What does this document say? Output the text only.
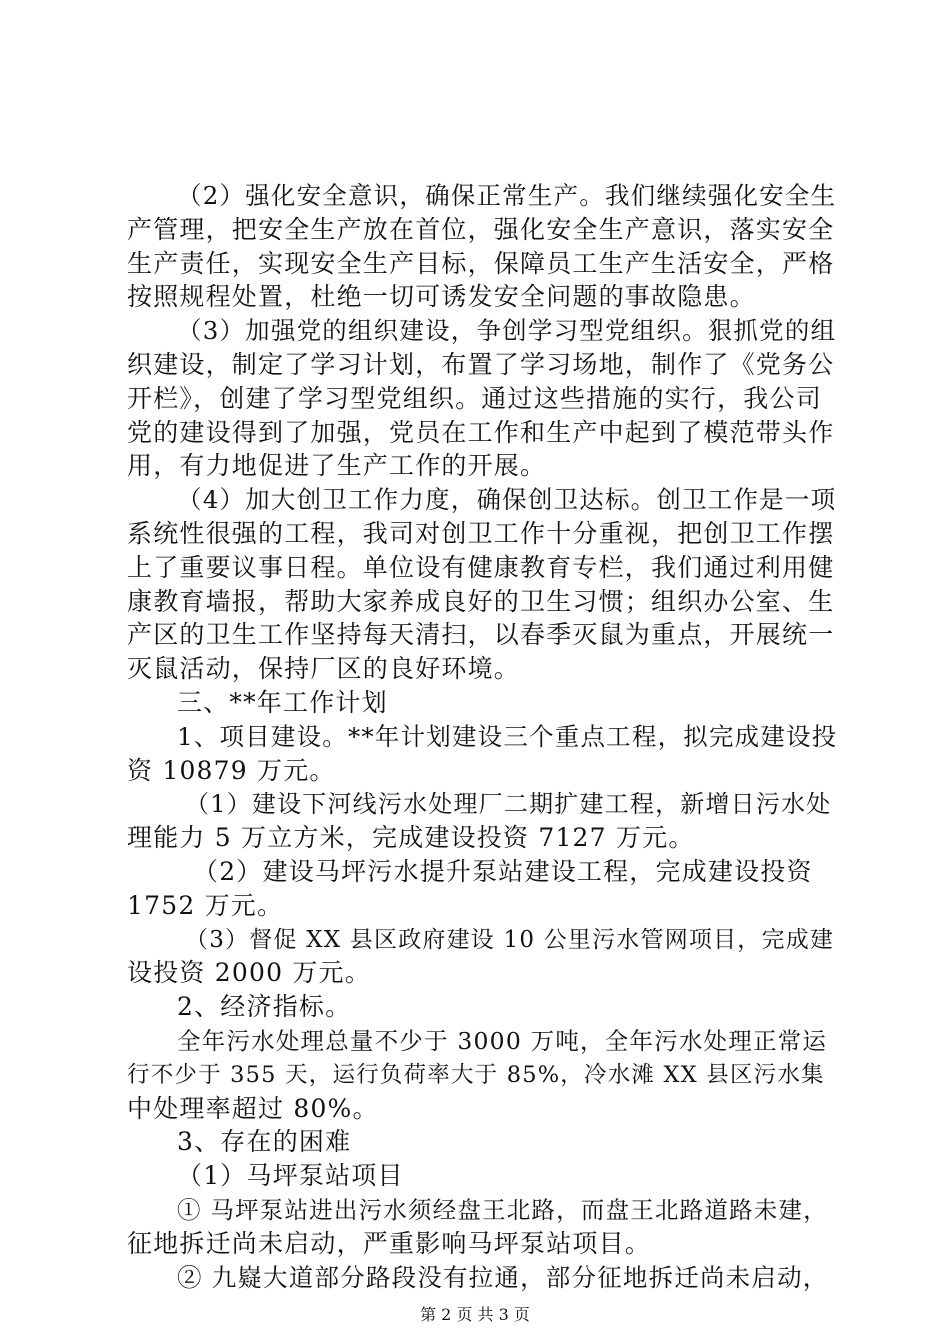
（2）强化安全意识，确保正常生产。我们继续强化安全生
产管理，把安全生产放在首位，强化安全生产意识，落实安全
生产责任，实现安全生产目标，保障员工生产生活安全，严格
按照规程处置，杜绝一切可诱发安全问题的事故隐患。
（3）加强党的组织建设，争创学习型党组织。狠抓党的组
织建设，制定了学习计划，布置了学习场地，制作了《党务公
开栏》，创建了学习型党组织。通过这些措施的实行，我公司
党的建设得到了加强，党员在工作和生产中起到了模范带头作
用，有力地促进了生产工作的开展。
（4）加大创卫工作力度，确保创卫达标。创卫工作是一项
系统性很强的工程，我司对创卫工作十分重视，把创卫工作摆
上了重要议事日程。单位设有健康教育专栏，我们通过利用健
康教育墙报，帮助大家养成良好的卫生习惯；组织办公室、生
产区的卫生工作坚持每天清扫，以春季灭鼠为重点，开展统一
灭鼠活动，保持厂区的良好环境。
三、**年工作计划
1、项目建设。**年计划建设三个重点工程，拟完成建设投
资 10879 万元。
（1）建设下河线污水处理厂二期扩建工程，新增日污水处
理能力 5 万立方米，完成建设投资 7127 万元。
（2）建设马坪污水提升泵站建设工程，完成建设投资
1752 万元。
（3）督促 XX 县区政府建设 10 公里污水管网项目，完成建
设投资 2000 万元。
2、经济指标。
全年污水处理总量不少于 3000 万吨，全年污水处理正常运
行不少于 355 天，运行负荷率大于 85%，冷水滩 XX 县区污水集
中处理率超过 80%。
3、存在的困难
（1）马坪泵站项目
① 马坪泵站进出污水须经盘王北路，而盘王北路道路未建，
征地拆迁尚未启动，严重影响马坪泵站项目。
② 九嶷大道部分路段没有拉通，部分征地拆迁尚未启动，
第 2 页 共 3 页
